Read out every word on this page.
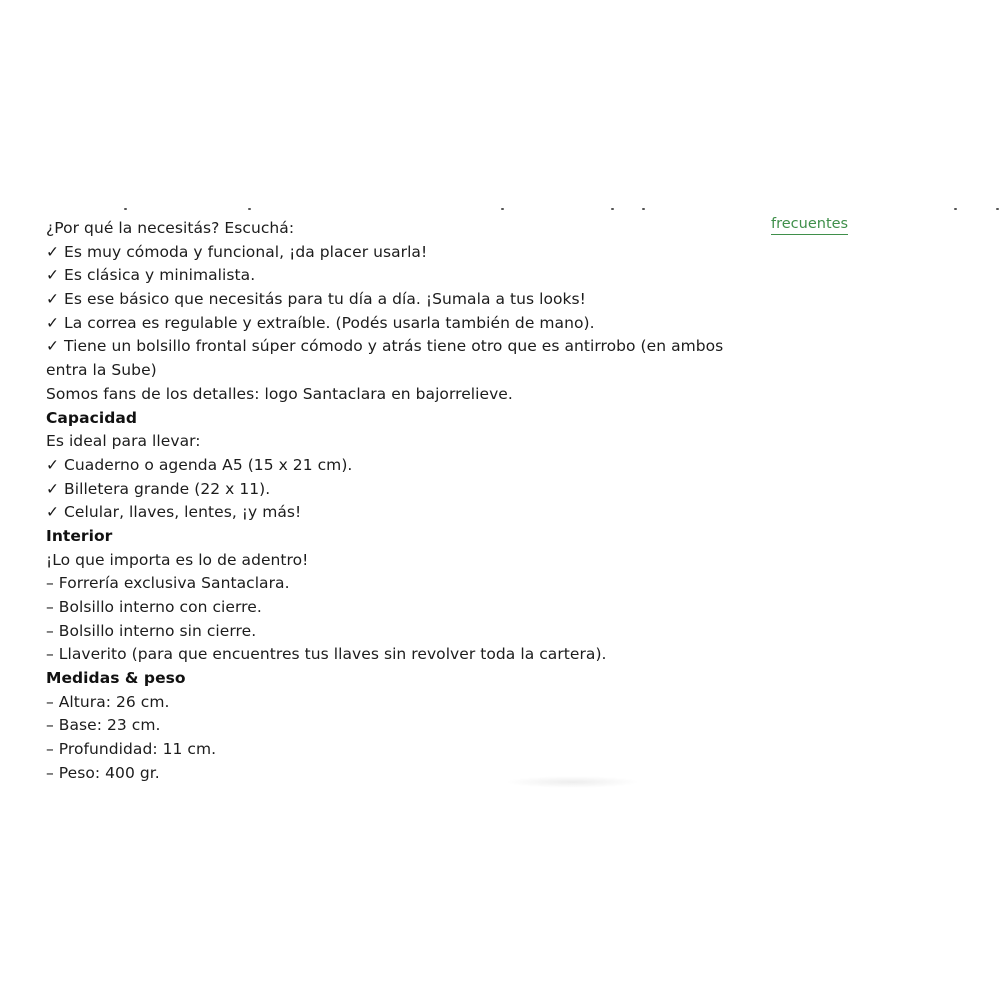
frecuentes
¿Por qué la necesitás? Escuchá:
✓ Es muy cómoda y funcional, ¡da placer usarla!
✓ Es clásica y minimalista.
✓ Es ese básico que necesitás para tu día a día. ¡Sumala a tus looks!
✓ La correa es regulable y extraíble. (Podés usarla también de mano).
✓ Tiene un bolsillo frontal súper cómodo y atrás tiene otro que es antirrobo (en ambos
entra la Sube)
Somos fans de los detalles: logo Santaclara en bajorrelieve.
Capacidad
Es ideal para llevar:
✓ Cuaderno o agenda A5 (15 x 21 cm).
✓ Billetera grande (22 x 11).
✓ Celular, llaves, lentes, ¡y más!
Interior
¡Lo que importa es lo de adentro!
– Forrería exclusiva Santaclara.
– Bolsillo interno con cierre.
– Bolsillo interno sin cierre.
– Llaverito (para que encuentres tus llaves sin revolver toda la cartera).
Medidas & peso
– Altura: 26 cm.
– Base: 23 cm.
– Profundidad: 11 cm.
– Peso: 400 gr.
